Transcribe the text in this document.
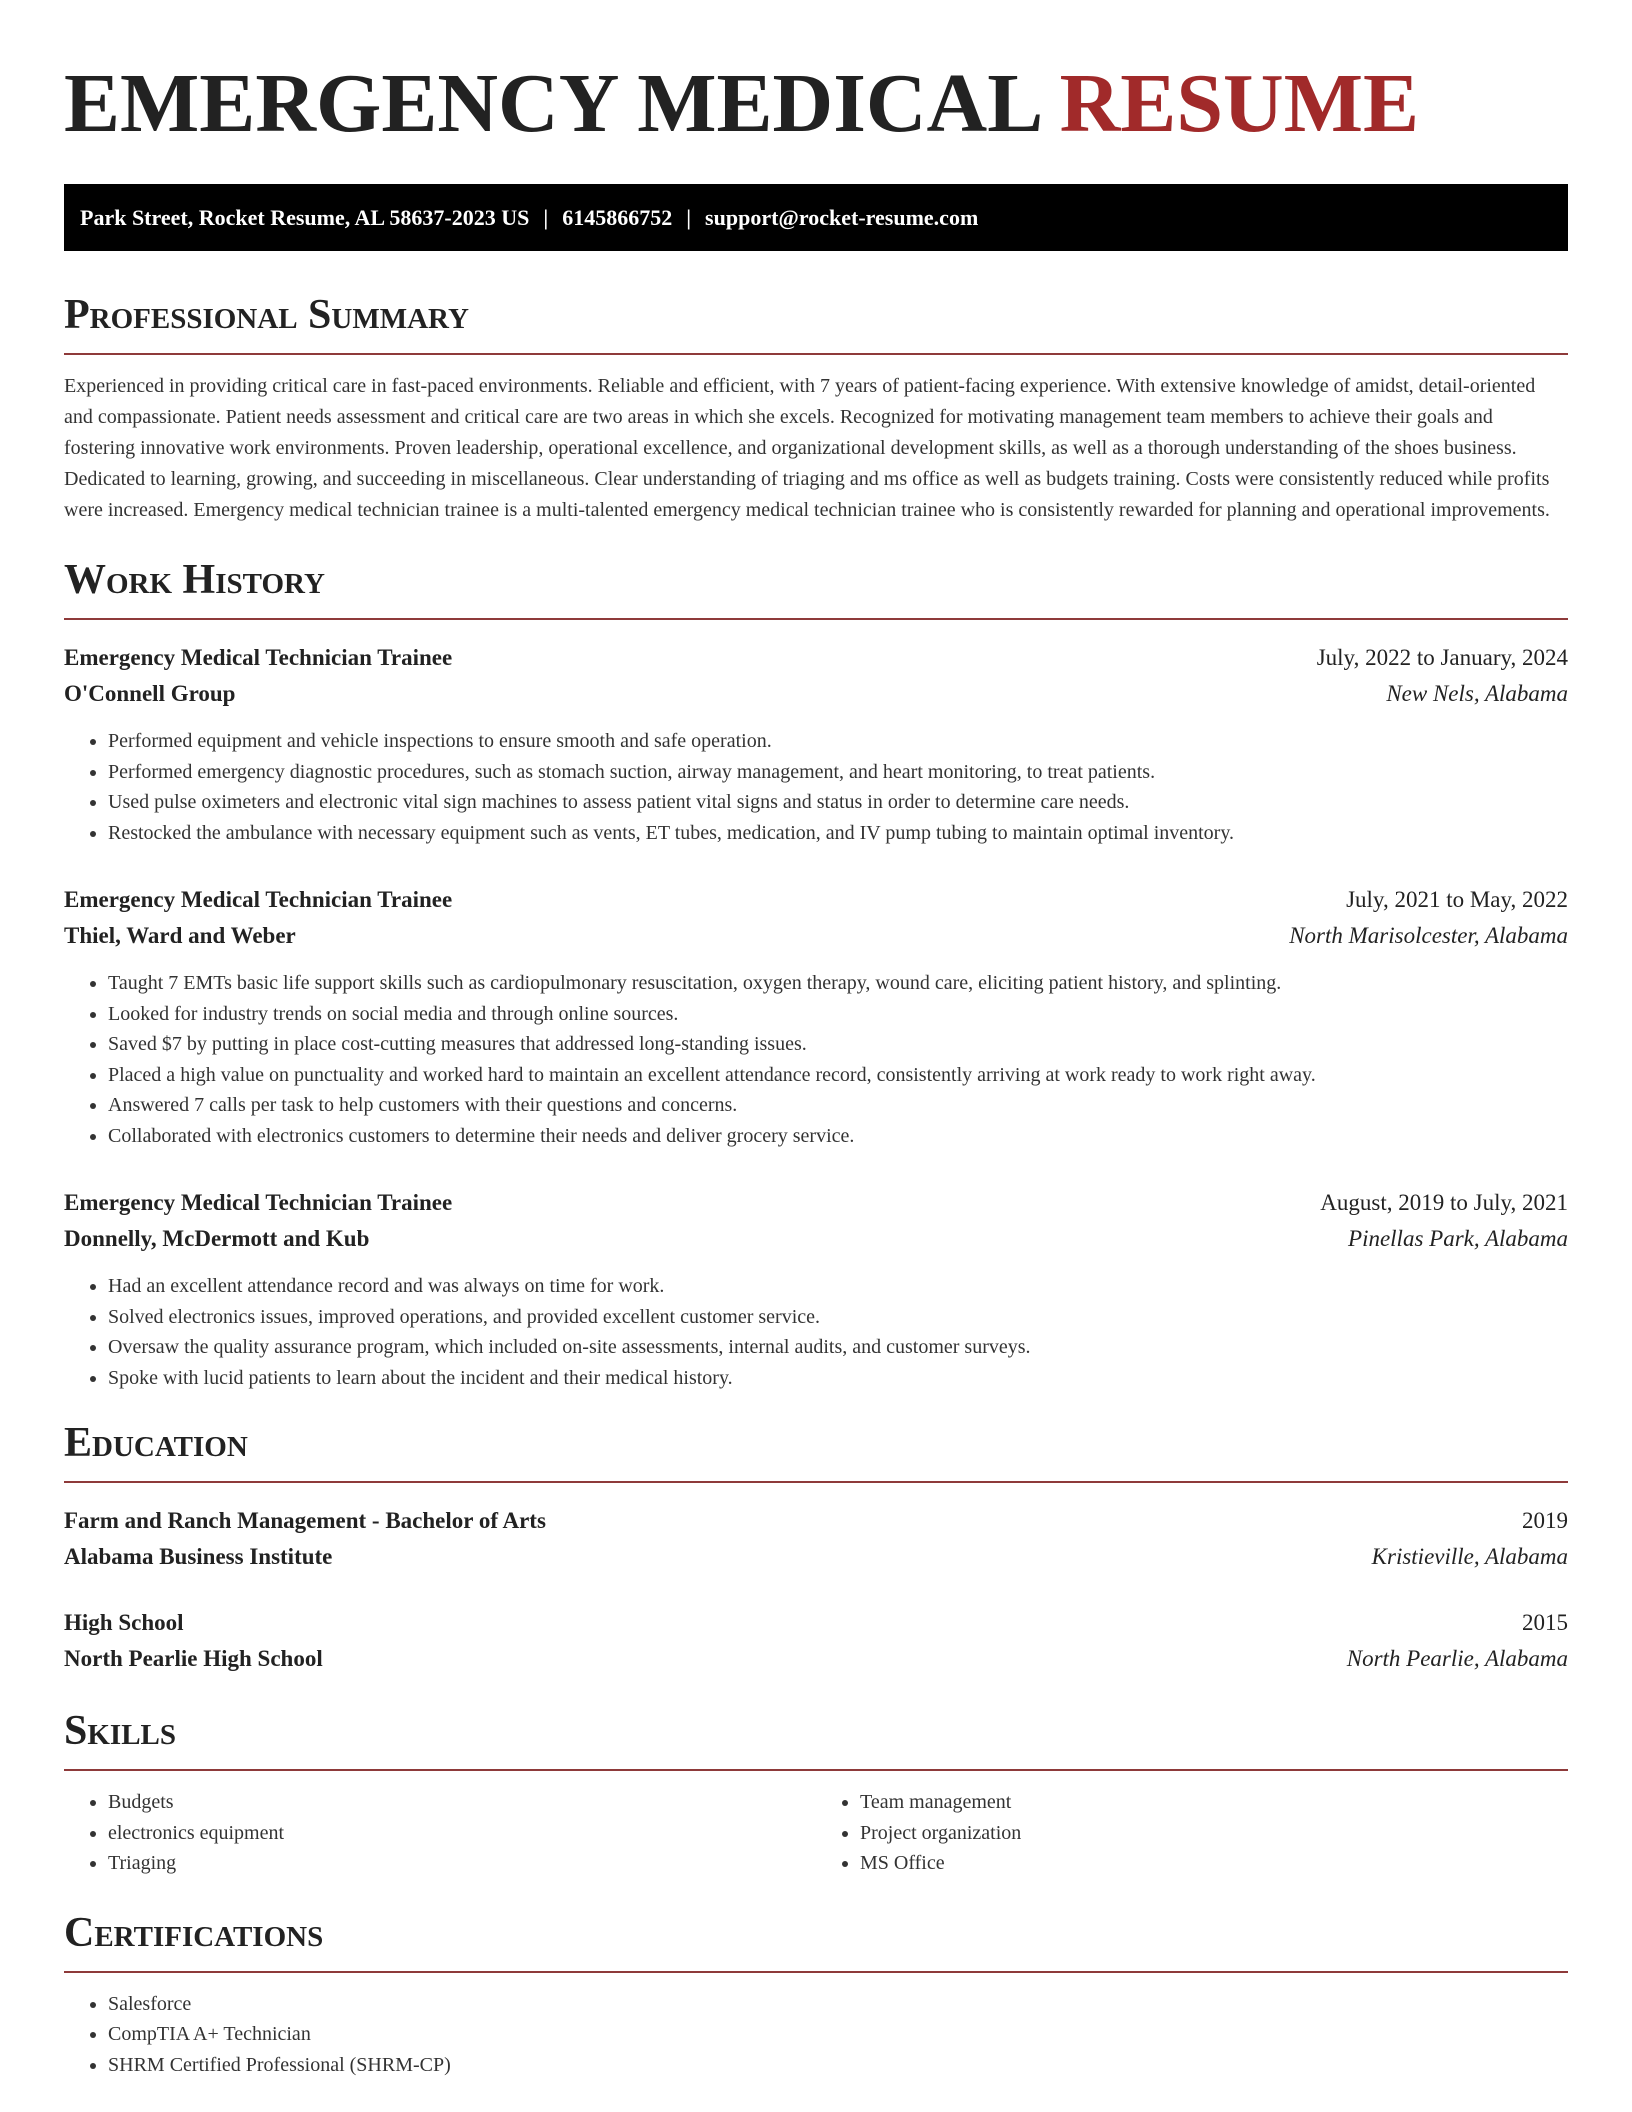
EMERGENCY MEDICAL RESUME
Park Street, Rocket Resume, AL 58637-2023 US | 6145866752 | support@rocket-resume.com
Professional Summary

Experienced in providing critical care in fast-paced environments. Reliable and efficient, with 7 years of patient-facing experience. With extensive knowledge of amidst, detail-oriented and compassionate. Patient needs assessment and critical care are two areas in which she excels. Recognized for motivating management team members to achieve their goals and fostering innovative work environments. Proven leadership, operational excellence, and organizational development skills, as well as a thorough understanding of the shoes business. Dedicated to learning, growing, and succeeding in miscellaneous. Clear understanding of triaging and ms office as well as budgets training. Costs were consistently reduced while profits were increased. Emergency medical technician trainee is a multi-talented emergency medical technician trainee who is consistently rewarded for planning and operational improvements.

Work History
Emergency Medical Technician Trainee	July, 2022 to January, 2024
O'Connell Group	New Nels, Alabama
• Performed equipment and vehicle inspections to ensure smooth and safe operation.
• Performed emergency diagnostic procedures, such as stomach suction, airway management, and heart monitoring, to treat patients.
• Used pulse oximeters and electronic vital sign machines to assess patient vital signs and status in order to determine care needs.
• Restocked the ambulance with necessary equipment such as vents, ET tubes, medication, and IV pump tubing to maintain optimal inventory.
Emergency Medical Technician Trainee	July, 2021 to May, 2022
Thiel, Ward and Weber	North Marisolcester, Alabama
• Taught 7 EMTs basic life support skills such as cardiopulmonary resuscitation, oxygen therapy, wound care, eliciting patient history, and splinting.
• Looked for industry trends on social media and through online sources.
• Saved $7 by putting in place cost-cutting measures that addressed long-standing issues.
• Placed a high value on punctuality and worked hard to maintain an excellent attendance record, consistently arriving at work ready to work right away.
• Answered 7 calls per task to help customers with their questions and concerns.
• Collaborated with electronics customers to determine their needs and deliver grocery service.
Emergency Medical Technician Trainee	August, 2019 to July, 2021
Donnelly, McDermott and Kub	Pinellas Park, Alabama
• Had an excellent attendance record and was always on time for work.
• Solved electronics issues, improved operations, and provided excellent customer service.
• Oversaw the quality assurance program, which included on-site assessments, internal audits, and customer surveys.
• Spoke with lucid patients to learn about the incident and their medical history.
Education
Farm and Ranch Management - Bachelor of Arts	2019
Alabama Business Institute	Kristieville, Alabama
High School	2015
North Pearlie High School	North Pearlie, Alabama
Skills
• Budgets
• electronics equipment
• Triaging
• Team management
• Project organization
• MS Office
Certifications
• Salesforce
• CompTIA A+ Technician
• SHRM Certified Professional (SHRM-CP)
